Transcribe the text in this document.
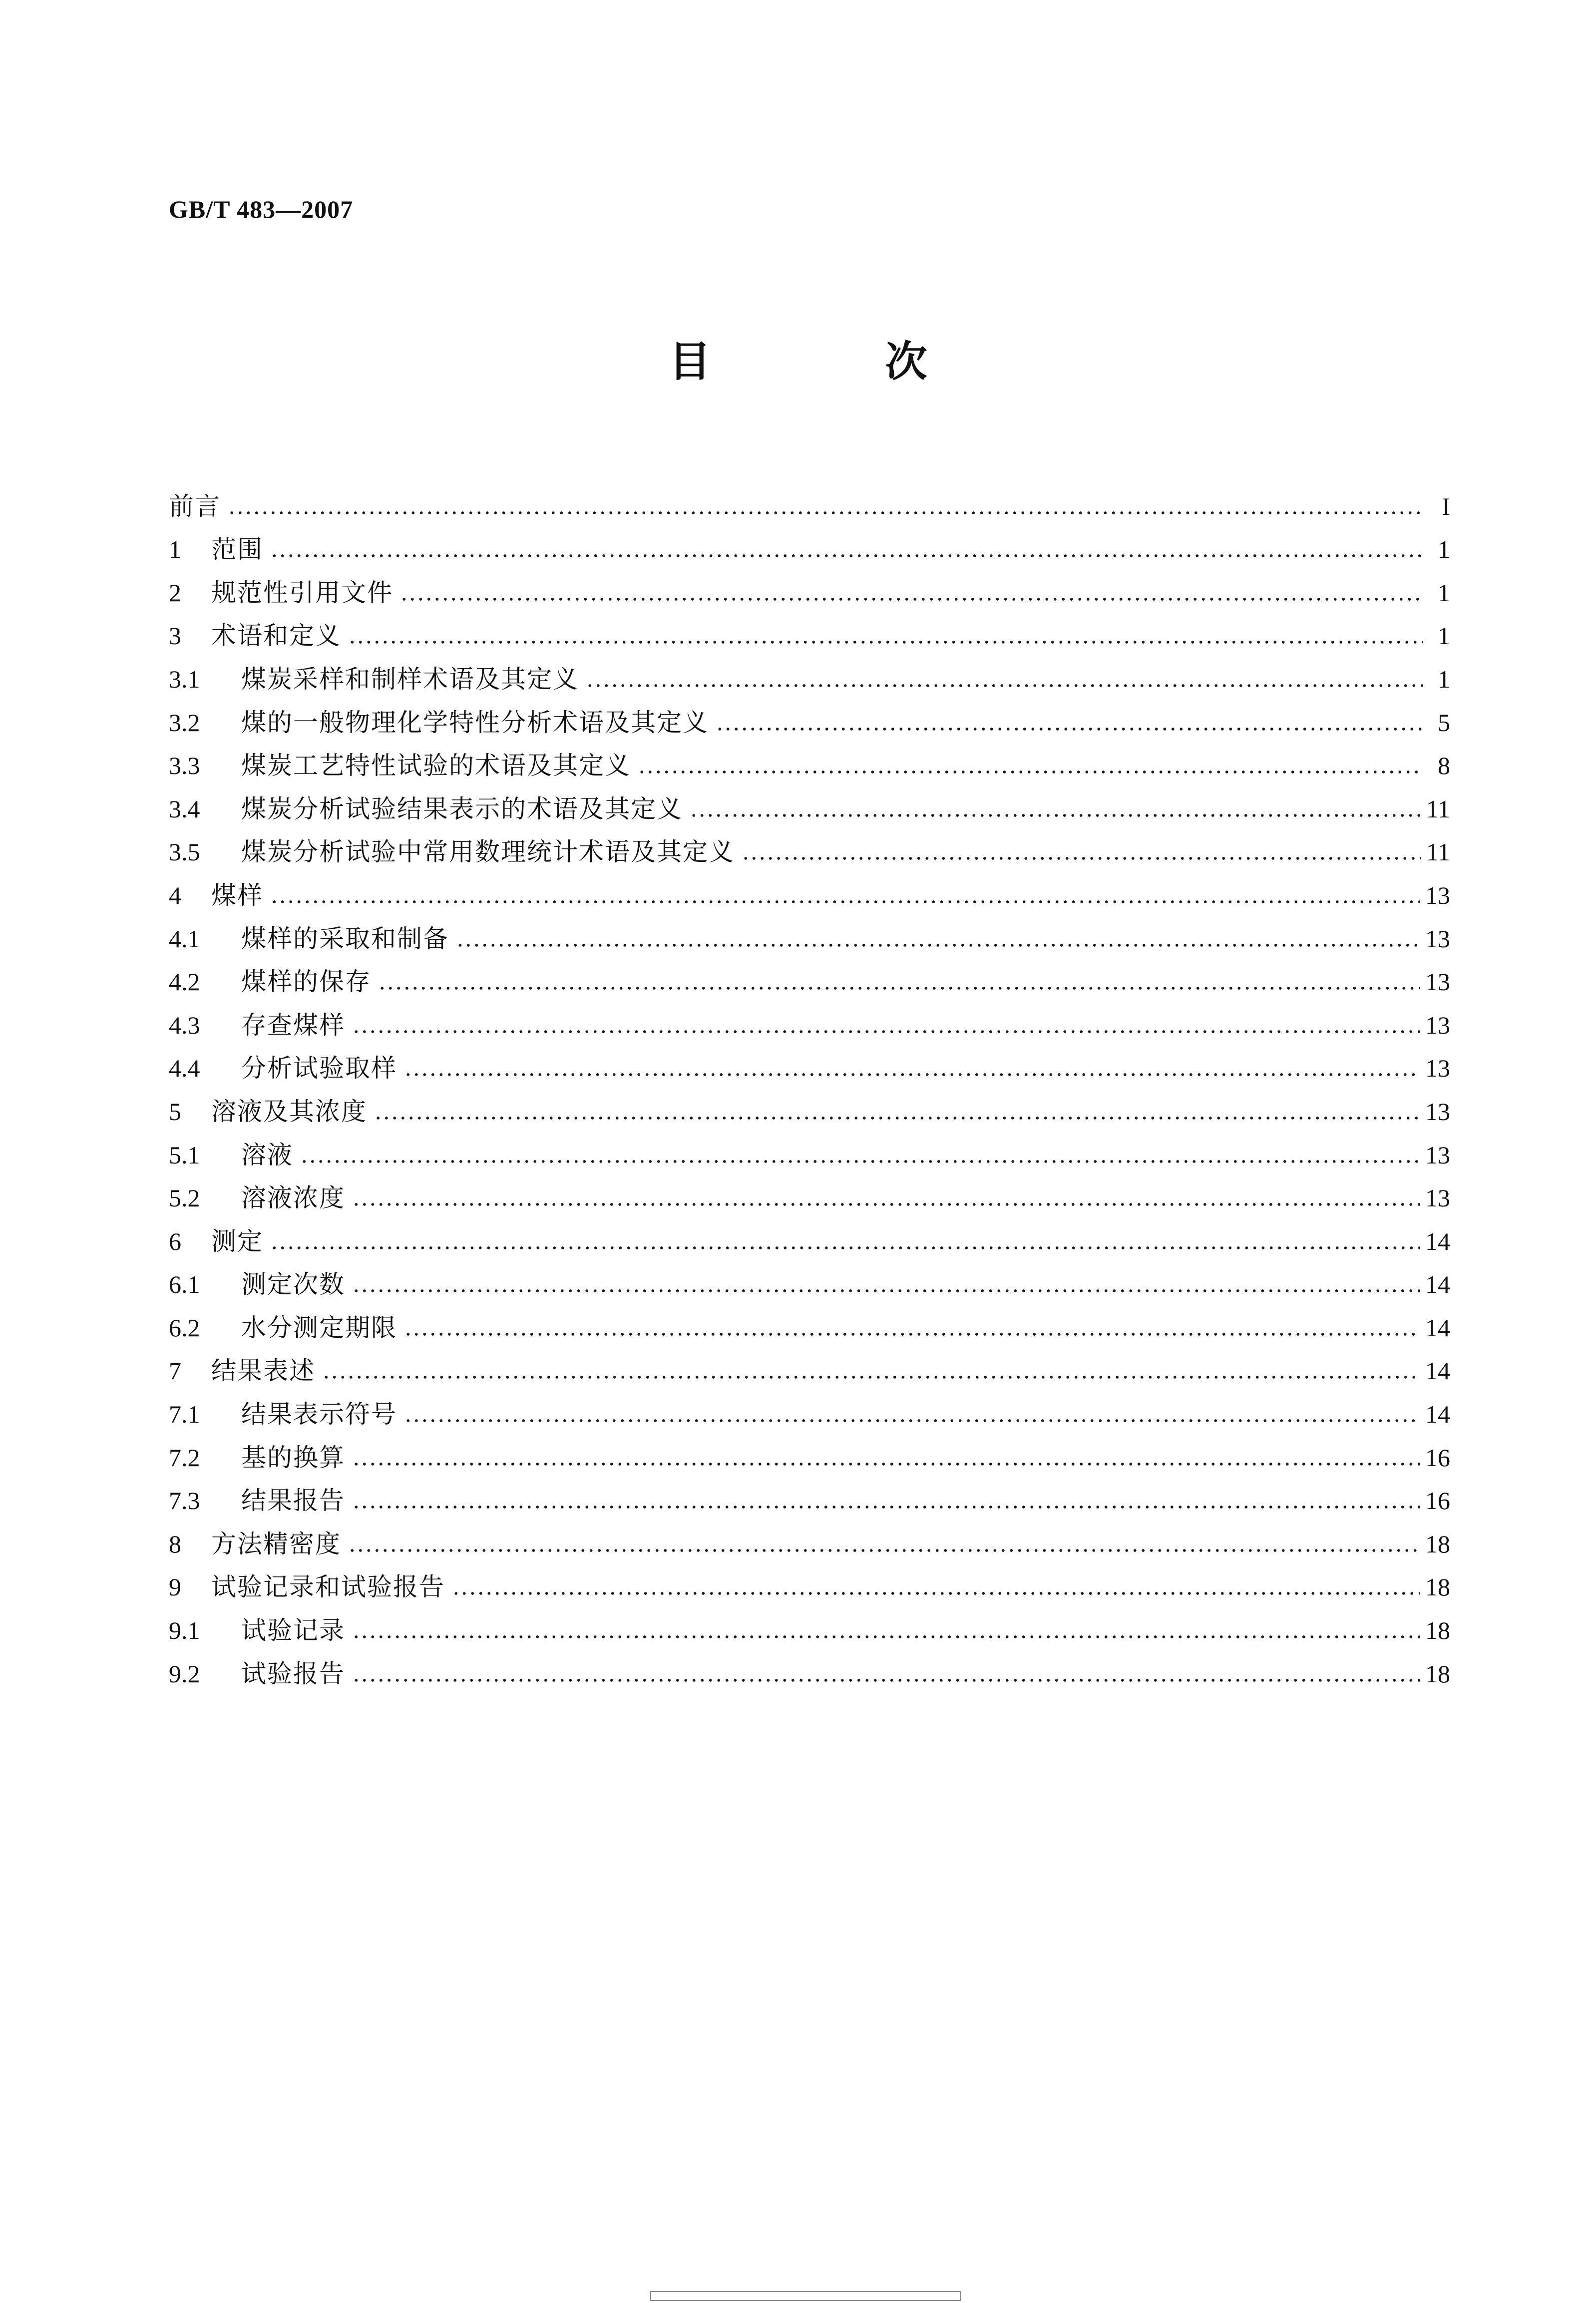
GB/T 483—2007
目 次
前言	I
1	范围	1
2	规范性引用文件	1
3	术语和定义	1
3.1	煤炭采样和制样术语及其定义	1
3.2	煤的一般物理化学特性分析术语及其定义	5
3.3	煤炭工艺特性试验的术语及其定义	8
3.4	煤炭分析试验结果表示的术语及其定义	11
3.5	煤炭分析试验中常用数理统计术语及其定义	11
4	煤样	13
4.1	煤样的采取和制备	13
4.2	煤样的保存	13
4.3	存查煤样	13
4.4	分析试验取样	13
5	溶液及其浓度	13
5.1	溶液	13
5.2	溶液浓度	13
6	测定	14
6.1	测定次数	14
6.2	水分测定期限	14
7	结果表述	14
7.1	结果表示符号	14
7.2	基的换算	16
7.3	结果报告	16
8	方法精密度	18
9	试验记录和试验报告	18
9.1	试验记录	18
9.2	试验报告	18
